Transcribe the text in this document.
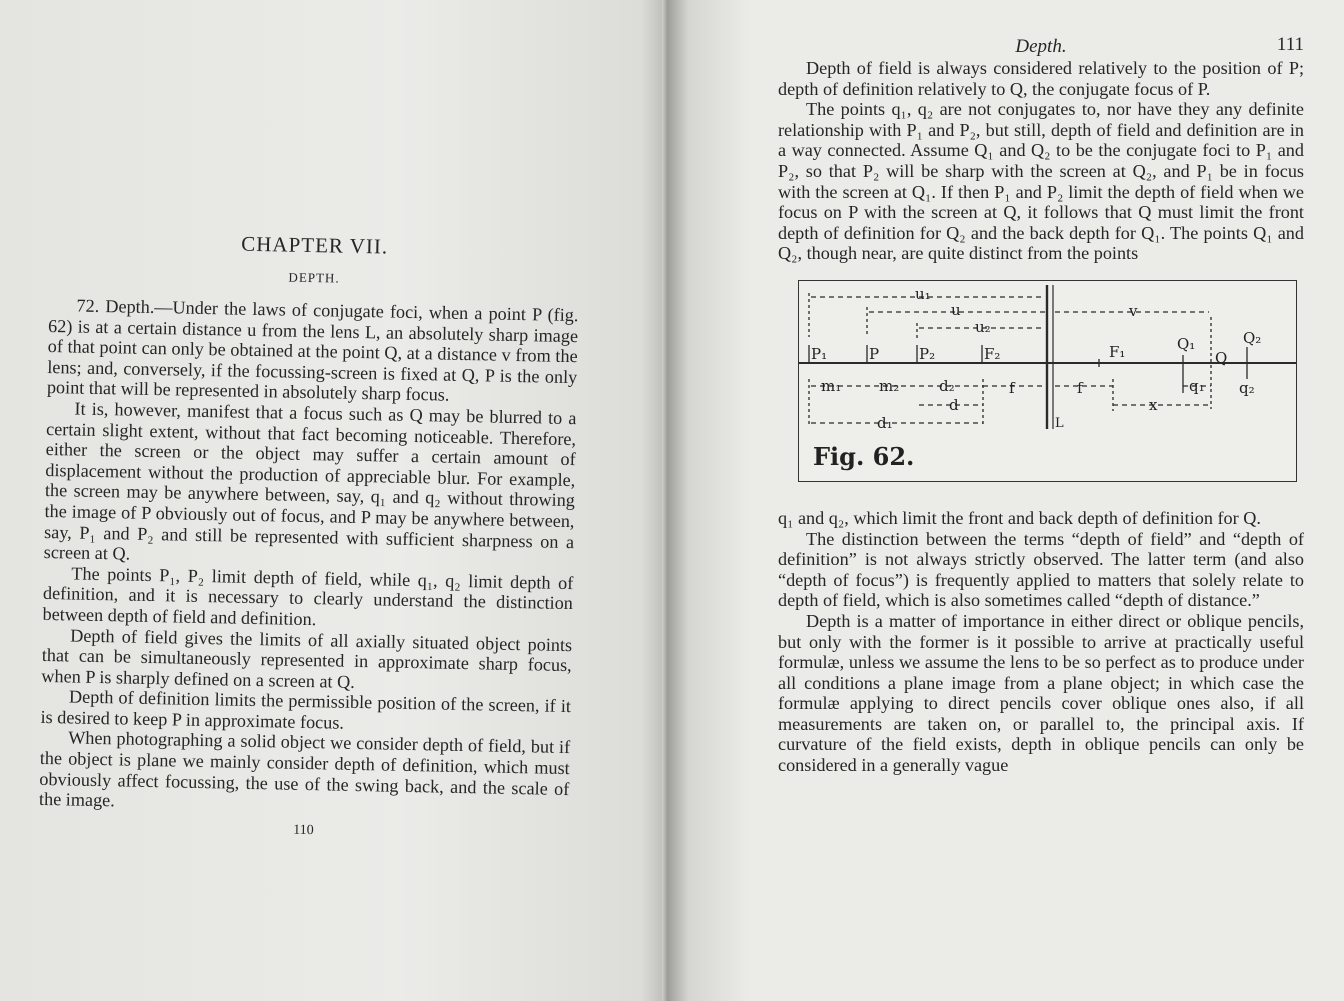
CHAPTER VII.
DEPTH.

72. Depth.—Under the laws of conjugate foci, when a point P (fig. 62) is at a certain distance u from the lens L, an absolutely sharp image of that point can only be obtained at the point Q, at a distance v from the lens; and, conversely, if the focussing-screen is fixed at Q, P is the only point that will be represented in absolutely sharp focus.

It is, however, manifest that a focus such as Q may be blurred to a certain slight extent, without that fact becoming noticeable. Therefore, either the screen or the object may suffer a certain amount of displacement without the production of appreciable blur. For example, the screen may be anywhere between, say, q₁ and q₂ without throwing the image of P obviously out of focus, and P may be anywhere between, say, P₁ and P₂ and still be represented with sufficient sharpness on a screen at Q.

The points P₁, P₂ limit depth of field, while q₁, q₂ limit depth of definition, and it is necessary to clearly understand the distinction between depth of field and definition.

Depth of field gives the limits of all axially situated object points that can be simultaneously represented in approximate sharp focus, when P is sharply defined on a screen at Q.

Depth of definition limits the permissible position of the screen, if it is desired to keep P in approximate focus.

When photographing a solid object we consider depth of field, but if the object is plane we mainly consider depth of definition, which must obviously affect focussing, the use of the swing back, and the scale of the image.

110
Depth.	111

Depth of field is always considered relatively to the position of P; depth of definition relatively to Q, the conjugate focus of P.

The points q₁, q₂ are not conjugates to, nor have they any definite relationship with P₁ and P₂, but still, depth of field and definition are in a way connected. Assume Q₁ and Q₂ to be the conjugate foci to P₁ and P₂, so that P₂ will be sharp with the screen at Q₂, and P₁ be in focus with the screen at Q₁. If then P₁ and P₂ limit the depth of field when we focus on P with the screen at Q, it follows that Q must limit the front depth of definition for Q₂ and the back depth for Q₁. The points Q₁ and Q₂, though near, are quite distinct from the points

u₁
u
u₂
v
P₁	P	P₂	F₂	F₁	Q₁
Q
Q₂
m₁	m₂	d₂	f	f	q₁ q₂
d	x
d₁	L
Fig. 62.

q₁ and q₂, which limit the front and back depth of definition for Q.

The distinction between the terms “depth of field” and “depth of definition” is not always strictly observed. The latter term (and also “depth of focus”) is frequently applied to matters that solely relate to depth of field, which is also sometimes called “depth of distance.”

Depth is a matter of importance in either direct or oblique pencils, but only with the former is it possible to arrive at practically useful formulæ, unless we assume the lens to be so perfect as to produce under all conditions a plane image from a plane object; in which case the formulæ applying to direct pencils cover oblique ones also, if all measurements are taken on, or parallel to, the principal axis. If curvature of the field exists, depth in oblique pencils can only be considered in a generally vague
